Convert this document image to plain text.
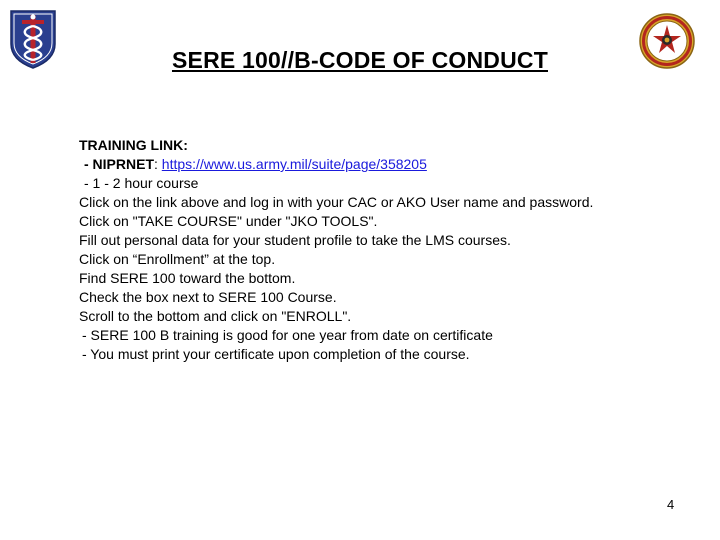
SERE 100//B-CODE OF CONDUCT
TRAINING LINK:
- NIPRNET: https://www.us.army.mil/suite/page/358205
- 1 - 2 hour course
Click on the link above and log in with your CAC or AKO User name and password.
Click on "TAKE COURSE" under "JKO TOOLS".
Fill out personal data for your student profile to take the LMS courses.
Click on “Enrollment” at the top.
Find SERE 100 toward the bottom.
Check the box next to SERE 100 Course.
Scroll to the bottom and click on "ENROLL".
- SERE 100 B training is good for one year from date on certificate
- You must print your certificate upon completion of the course.
4
